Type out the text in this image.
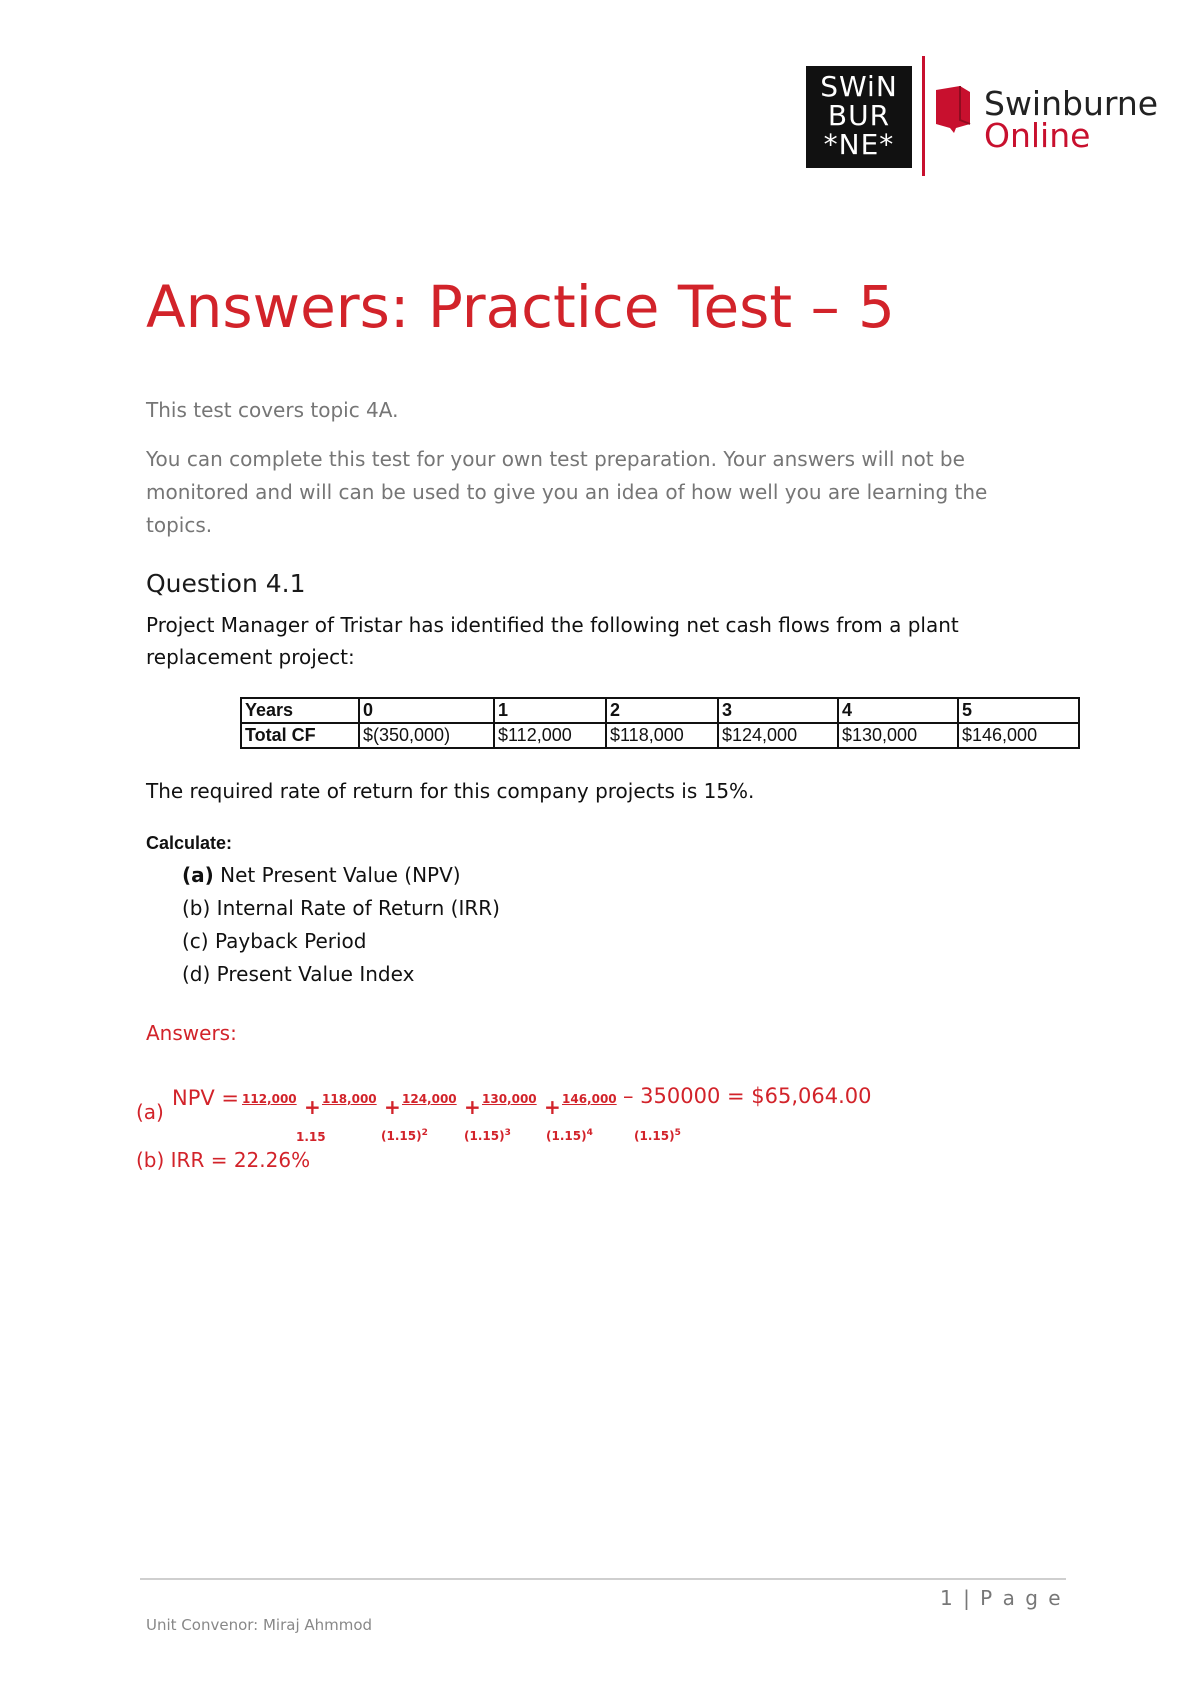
SWiN
BUR
*NE*
Swinburne
Online
Answers: Practice Test – 5
This test covers topic 4A.
You can complete this test for your own test preparation. Your answers will not be monitored and will can be used to give you an idea of how well you are learning the topics.
Question 4.1
Project Manager of Tristar has identified the following net cash flows from a plant replacement project:
Years	0	1	2	3	4	5
Total CF	$(350,000)	$112,000	$118,000	$124,000	$130,000	$146,000
The required rate of return for this company projects is 15%.
Calculate:
(a) Net Present Value (NPV)
(b) Internal Rate of Return (IRR)
(c) Payback Period
(d) Present Value Index
Answers:
(a)
NPV = 112,000 + 118,000 + 124,000 + 130,000 + 146,000 – 350000 = $65,064.00
1.15	$(1.15)^2$	$(1.15)^3$	$(1.15)^4$	$(1.15)^5$
(b) IRR = 22.26%
1 | P a g e
Unit Convenor: Miraj Ahmmod
